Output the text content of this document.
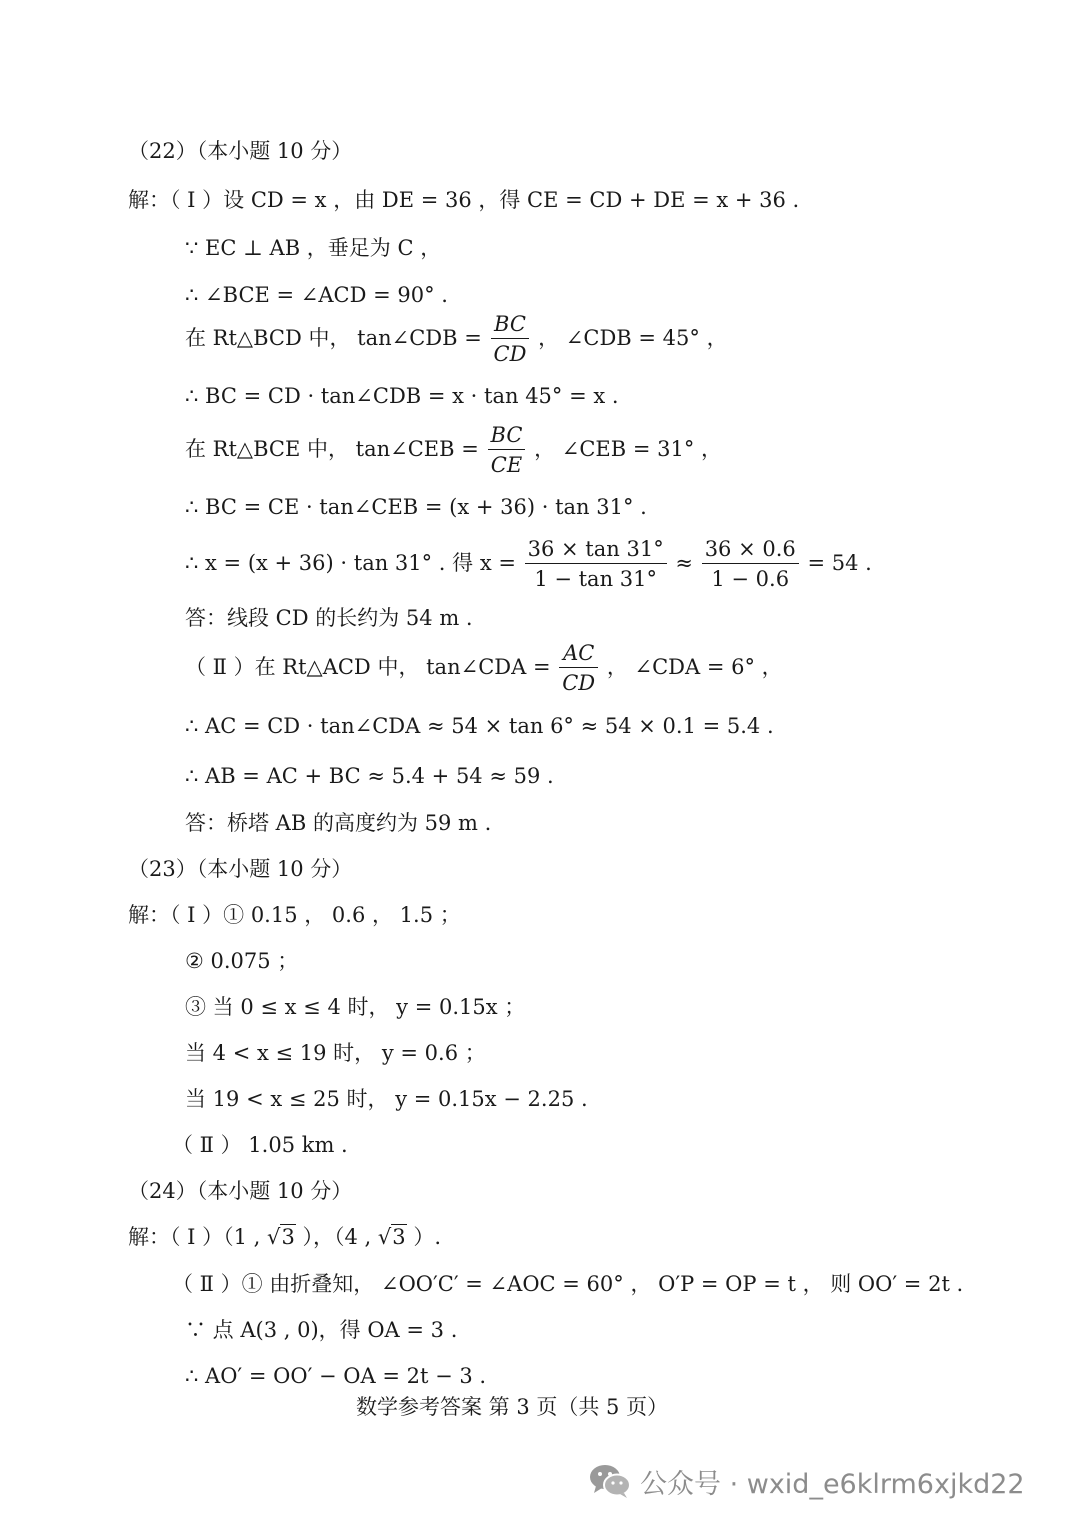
（22）（本小题 10 分）
解：（ Ⅰ ）设 CD = x ，由 DE = 36 ，得 CE = CD + DE = x + 36 .
∵ EC ⊥ AB ，垂足为 C ，
∴ ∠BCE = ∠ACD = 90° .
在 Rt△BCD 中， tan∠CDB = $\frac{BC}{CD}$ ， ∠CDB = 45° ，
∴ BC = CD · tan∠CDB = x · tan 45° = x .
在 Rt△BCE 中， tan∠CEB = $\frac{BC}{CE}$ ， ∠CEB = 31° ，
∴ BC = CE · tan∠CEB = (x + 36) · tan 31° .
∴ x = (x + 36) · tan 31° . 得 $x = \frac{36 \times \tan 31^\circ}{1 - \tan 31^\circ} \approx \frac{36 \times 0.6}{1 - 0.6} = 54$ .
答：线段 CD 的长约为 54 m .
（ Ⅱ ）在 Rt△ACD 中， tan∠CDA = $\frac{AC}{CD}$ ， ∠CDA = 6° ，
∴ AC = CD · tan∠CDA ≈ 54 × tan 6° ≈ 54 × 0.1 = 5.4 .
∴ AB = AC + BC ≈ 5.4 + 54 ≈ 59 .
答：桥塔 AB 的高度约为 59 m .
（23）（本小题 10 分）
解：（ Ⅰ ）① 0.15 ， 0.6 ， 1.5 ；
② 0.075 ；
③ 当 0 ≤ x ≤ 4 时， y = 0.15x ；
当 4 < x ≤ 19 时， y = 0.6 ；
当 19 < x ≤ 25 时， y = 0.15x − 2.25 .
（ Ⅱ ） 1.05 km .
（24）（本小题 10 分）
解：（ Ⅰ ）（1 , √3 ），（4 , √3 ）.
（ Ⅱ ）① 由折叠知， ∠OO′C′ = ∠AOC = 60° ， O′P = OP = t ， 则 OO′ = 2t .
∵ 点 A(3 , 0)，得 OA = 3 .
∴ AO′ = OO′ − OA = 2t − 3 .
数学参考答案 第 3 页（共 5 页）
公众号 · wxid_e6klrm6xjkd22
